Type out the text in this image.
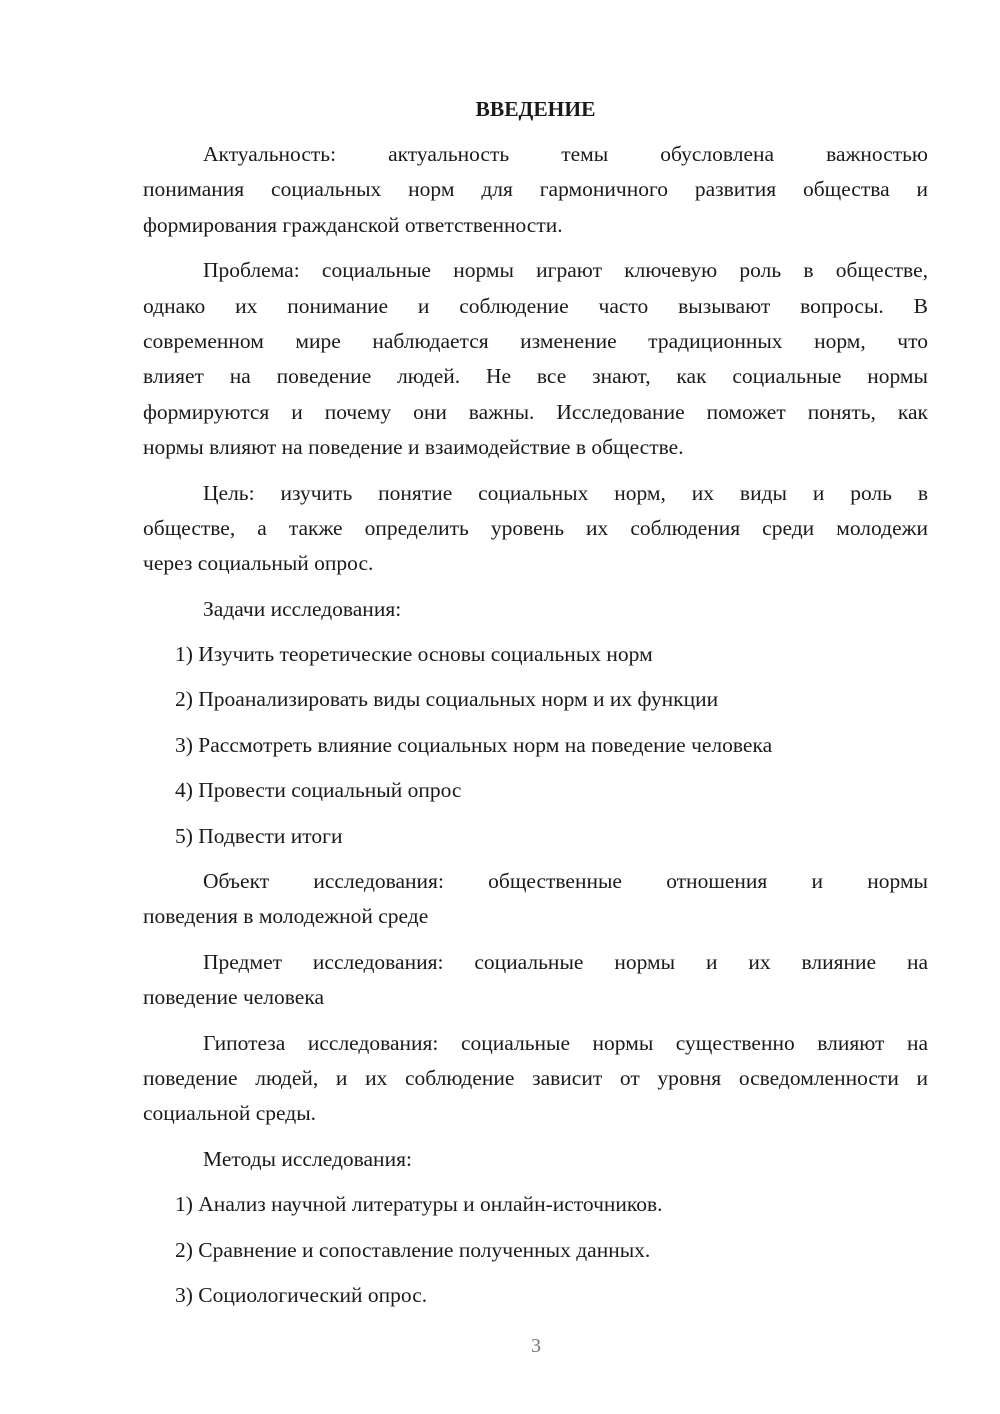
ВВЕДЕНИЕ
Актуальность: актуальность темы обусловлена важностью
понимания социальных норм для гармоничного развития общества и
формирования гражданской ответственности.
Проблема: социальные нормы играют ключевую роль в обществе,
однако их понимание и соблюдение часто вызывают вопросы. В
современном мире наблюдается изменение традиционных норм, что
влияет на поведение людей. Не все знают, как социальные нормы
формируются и почему они важны. Исследование поможет понять, как
нормы влияют на поведение и взаимодействие в обществе.
Цель: изучить понятие социальных норм, их виды и роль в
обществе, а также определить уровень их соблюдения среди молодежи
через социальный опрос.
Задачи исследования:
1) Изучить теоретические основы социальных норм
2) Проанализировать виды социальных норм и их функции
3) Рассмотреть влияние социальных норм на поведение человека
4) Провести социальный опрос
5) Подвести итоги
Объект исследования: общественные отношения и нормы
поведения в молодежной среде
Предмет исследования: социальные нормы и их влияние на
поведение человека
Гипотеза исследования: социальные нормы существенно влияют на
поведение людей, и их соблюдение зависит от уровня осведомленности и
социальной среды.
Методы исследования:
1) Анализ научной литературы и онлайн-источников.
2) Сравнение и сопоставление полученных данных.
3) Социологический опрос.
3
